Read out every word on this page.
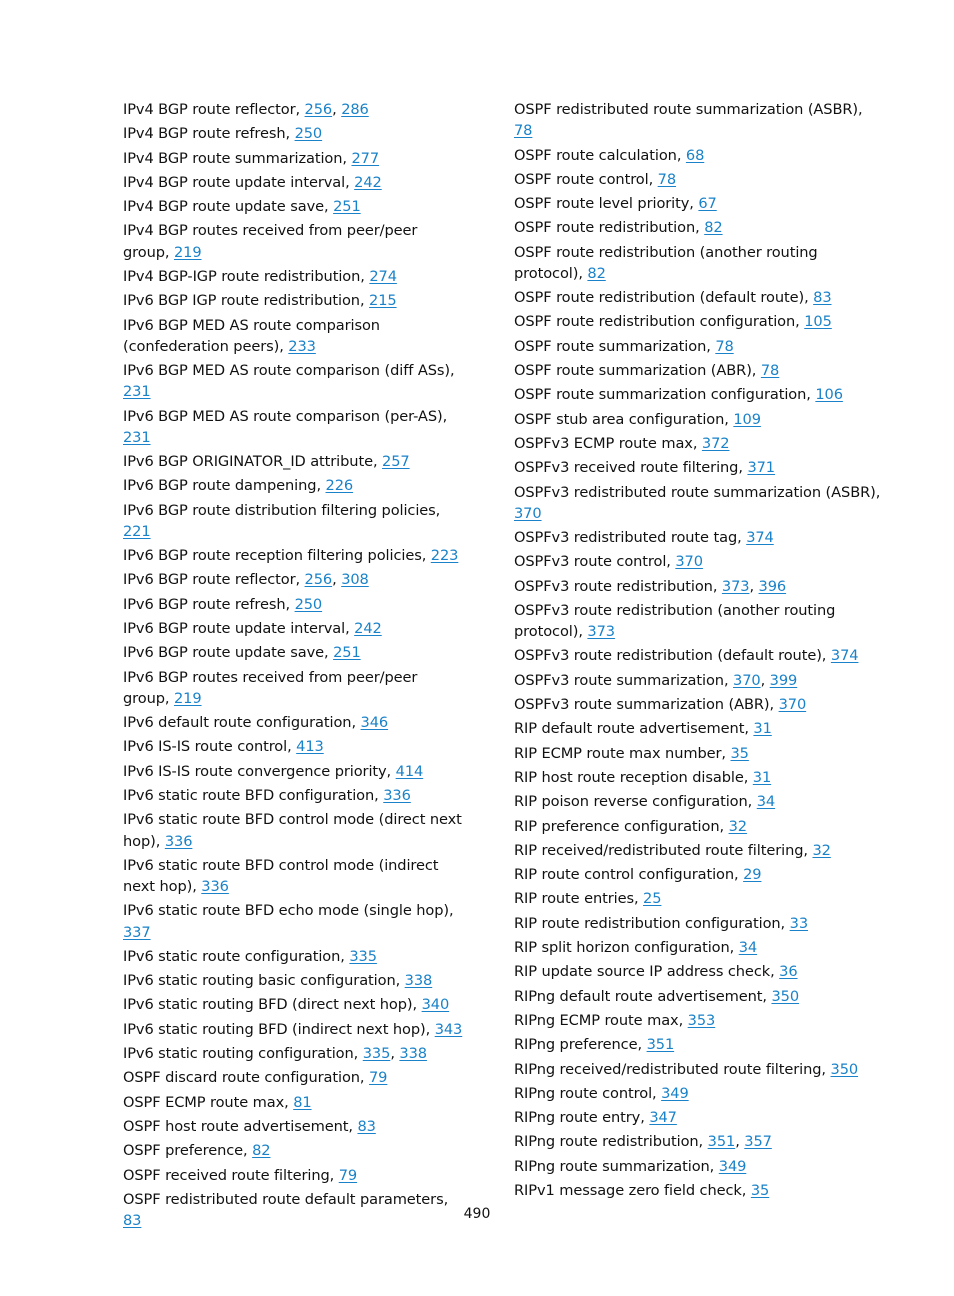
IPv4 BGP route reflector, 256, 286
IPv4 BGP route refresh, 250
IPv4 BGP route summarization, 277
IPv4 BGP route update interval, 242
IPv4 BGP route update save, 251
IPv4 BGP routes received from peer/peer group, 219
IPv4 BGP-IGP route redistribution, 274
IPv6 BGP IGP route redistribution, 215
IPv6 BGP MED AS route comparison (confederation peers), 233
IPv6 BGP MED AS route comparison (diff ASs), 231
IPv6 BGP MED AS route comparison (per-AS), 231
IPv6 BGP ORIGINATOR_ID attribute, 257
IPv6 BGP route dampening, 226
IPv6 BGP route distribution filtering policies, 221
IPv6 BGP route reception filtering policies, 223
IPv6 BGP route reflector, 256, 308
IPv6 BGP route refresh, 250
IPv6 BGP route update interval, 242
IPv6 BGP route update save, 251
IPv6 BGP routes received from peer/peer group, 219
IPv6 default route configuration, 346
IPv6 IS-IS route control, 413
IPv6 IS-IS route convergence priority, 414
IPv6 static route BFD configuration, 336
IPv6 static route BFD control mode (direct next hop), 336
IPv6 static route BFD control mode (indirect next hop), 336
IPv6 static route BFD echo mode (single hop), 337
IPv6 static route configuration, 335
IPv6 static routing basic configuration, 338
IPv6 static routing BFD (direct next hop), 340
IPv6 static routing BFD (indirect next hop), 343
IPv6 static routing configuration, 335, 338
OSPF discard route configuration, 79
OSPF ECMP route max, 81
OSPF host route advertisement, 83
OSPF preference, 82
OSPF received route filtering, 79
OSPF redistributed route default parameters, 83
OSPF redistributed route summarization (ASBR), 78
OSPF route calculation, 68
OSPF route control, 78
OSPF route level priority, 67
OSPF route redistribution, 82
OSPF route redistribution (another routing protocol), 82
OSPF route redistribution (default route), 83
OSPF route redistribution configuration, 105
OSPF route summarization, 78
OSPF route summarization (ABR), 78
OSPF route summarization configuration, 106
OSPF stub area configuration, 109
OSPFv3 ECMP route max, 372
OSPFv3 received route filtering, 371
OSPFv3 redistributed route summarization (ASBR), 370
OSPFv3 redistributed route tag, 374
OSPFv3 route control, 370
OSPFv3 route redistribution, 373, 396
OSPFv3 route redistribution (another routing protocol), 373
OSPFv3 route redistribution (default route), 374
OSPFv3 route summarization, 370, 399
OSPFv3 route summarization (ABR), 370
RIP default route advertisement, 31
RIP ECMP route max number, 35
RIP host route reception disable, 31
RIP poison reverse configuration, 34
RIP preference configuration, 32
RIP received/redistributed route filtering, 32
RIP route control configuration, 29
RIP route entries, 25
RIP route redistribution configuration, 33
RIP split horizon configuration, 34
RIP update source IP address check, 36
RIPng default route advertisement, 350
RIPng ECMP route max, 353
RIPng preference, 351
RIPng received/redistributed route filtering, 350
RIPng route control, 349
RIPng route entry, 347
RIPng route redistribution, 351, 357
RIPng route summarization, 349
RIPv1 message zero field check, 35
490
